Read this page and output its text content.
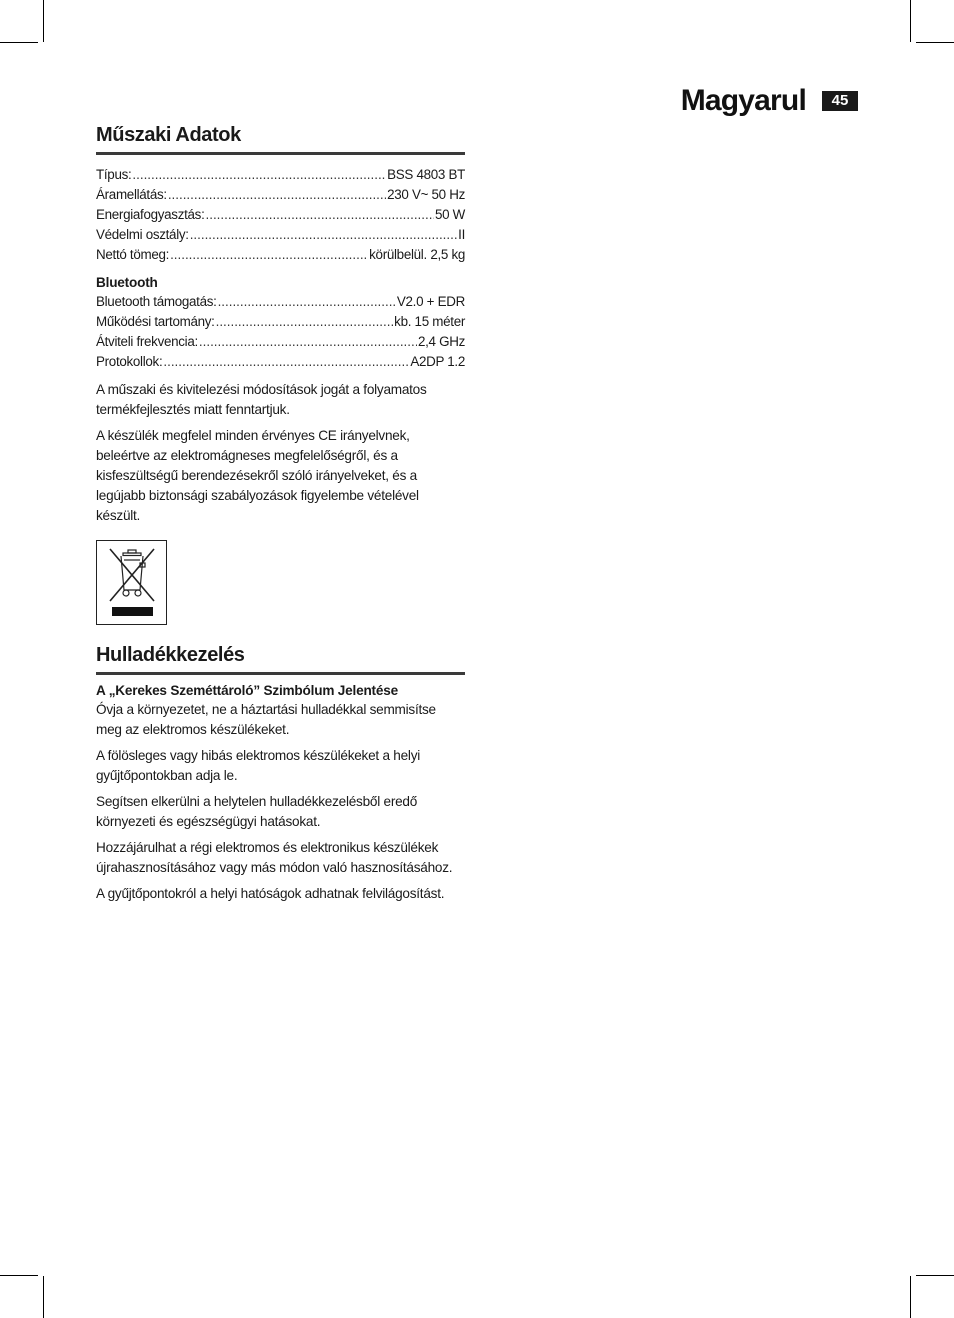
Magyarul	45
Műszaki Adatok
Típus: .....	BSS 4803 BT
Áramellátás: .....	230 V~ 50 Hz
Energiafogyasztás: .....	50 W
Védelmi osztály: .....	II
Nettó tömeg: .....	körülbelül. 2,5 kg
Bluetooth
Bluetooth támogatás: .....	V2.0 + EDR
Működési tartomány: .....	kb. 15 méter
Átviteli frekvencia: .....	2,4 GHz
Protokollok: .....	A2DP 1.2

A műszaki és kivitelezési módosítások jogát a folyamatos termékfejlesztés miatt fenntartjuk.

A készülék megfelel minden érvényes CE irányelvnek, beleértve az elektromágneses megfelelőségről, és a kisfeszültségű berendezésekről szóló irányelveket, és a legújabb biztonsági szabályozások figyelembe vételével készült.

Hulladékkezelés
A „Kerekes Szeméttároló” Szimbólum Jelentése

Óvja a környezetet, ne a háztartási hulladékkal semmisítse meg az elektromos készülékeket.

A fölösleges vagy hibás elektromos készülékeket a helyi gyűjtőpontokban adja le.

Segítsen elkerülni a helytelen hulladékkezelésből eredő környezeti és egészségügyi hatásokat.

Hozzájárulhat a régi elektromos és elektronikus készülékek újrahasznosításához vagy más módon való hasznosításához.

A gyűjtőpontokról a helyi hatóságok adhatnak felvilágosítást.
